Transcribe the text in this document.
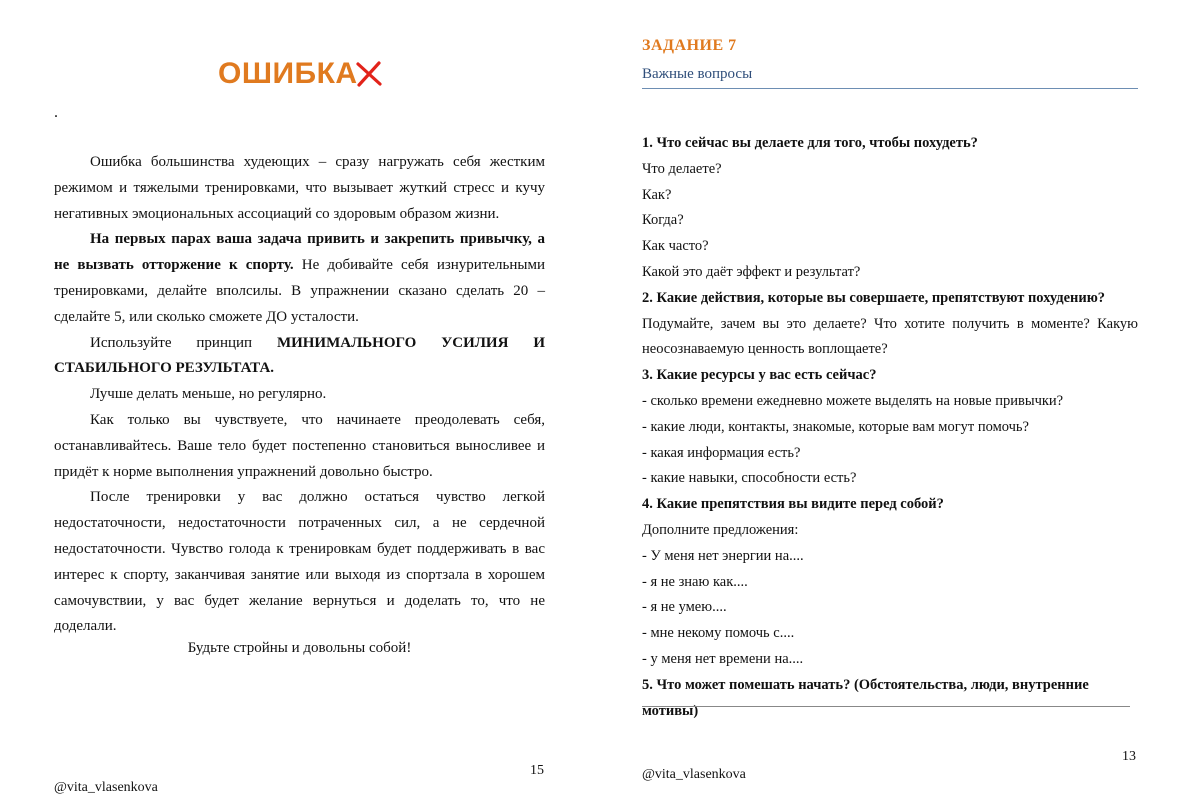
ОШИБКА
.

Ошибка большинства худеющих – сразу нагружать себя жестким режимом и тяжелыми тренировками, что вызывает жуткий стресс и кучу негативных эмоциональных ассоциаций со здоровым образом жизни.

На первых парах ваша задача привить и закрепить привычку, а не вызвать отторжение к спорту. Не добивайте себя изнурительными тренировками, делайте вполсилы. В упражнении сказано сделать 20 – сделайте 5, или сколько сможете ДО усталости.

Используйте принцип МИНИМАЛЬНОГО УСИЛИЯ И СТАБИЛЬНОГО РЕЗУЛЬТАТА.

Лучше делать меньше, но регулярно.

Как только вы чувствуете, что начинаете преодолевать себя, останавливайтесь. Ваше тело будет постепенно становиться выносливее и придёт к норме выполнения упражнений довольно быстро.

После тренировки у вас должно остаться чувство легкой недостаточности, недостаточности потраченных сил, а не сердечной недостаточности. Чувство голода к тренировкам будет поддерживать в вас интерес к спорту, заканчивая занятие или выходя из спортзала в хорошем самочувствии, у вас будет желание вернуться и доделать то, что не доделали.

Будьте стройны и довольны собой!

15
@vita_vlasenkova
ЗАДАНИЕ 7

Важные вопросы

1. Что сейчас вы делаете для того, чтобы похудеть?
Что делаете?
Как?
Когда?
Как часто?
Какой это даёт эффект и результат?
2. Какие действия, которые вы совершаете, препятствуют похудению?
Подумайте, зачем вы это делаете? Что хотите получить в моменте? Какую неосознаваемую ценность воплощаете?
3. Какие ресурсы у вас есть сейчас?
- сколько времени ежедневно можете выделять на новые привычки?
- какие люди, контакты, знакомые, которые вам могут помочь?
- какая информация есть?
- какие навыки, способности есть?
4. Какие препятствия вы видите перед собой?
Дополните предложения:
- У меня нет энергии на....
- я не знаю как....
- я не умею....
- мне некому помочь с....
- у меня нет времени на....
5. Что может помешать начать? (Обстоятельства, люди, внутренние мотивы)
13
@vita_vlasenkova
